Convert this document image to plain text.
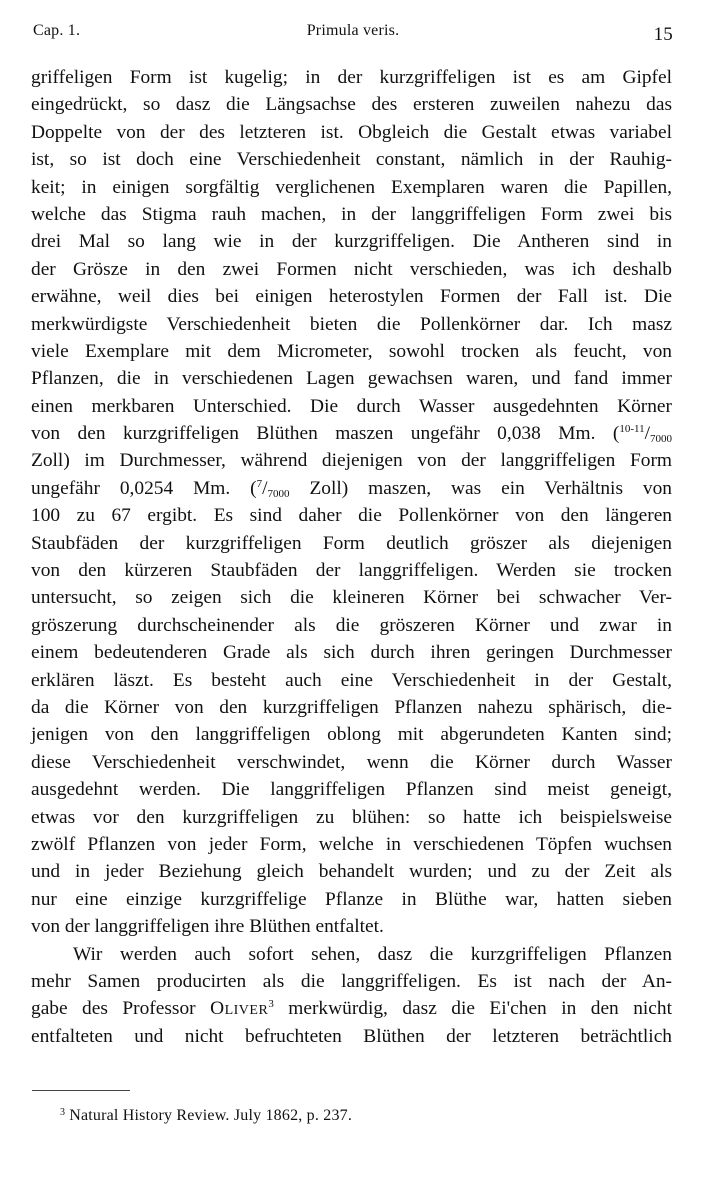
Cap. 1.	Primula veris.	15
griffeligen Form ist kugelig; in der kurzgriffeligen ist es am Gipfel
eingedrückt, so dasz die Längsachse des ersteren zuweilen nahezu das
Doppelte von der des letzteren ist. Obgleich die Gestalt etwas variabel
ist, so ist doch eine Verschiedenheit constant, nämlich in der Rauhig-
keit; in einigen sorgfältig verglichenen Exemplaren waren die Papillen,
welche das Stigma rauh machen, in der langgriffeligen Form zwei bis
drei Mal so lang wie in der kurzgriffeligen. Die Antheren sind in
der Grösze in den zwei Formen nicht verschieden, was ich deshalb
erwähne, weil dies bei einigen heterostylen Formen der Fall ist. Die
merkwürdigste Verschiedenheit bieten die Pollenkörner dar. Ich masz
viele Exemplare mit dem Micrometer, sowohl trocken als feucht, von
Pflanzen, die in verschiedenen Lagen gewachsen waren, und fand immer
einen merkbaren Unterschied. Die durch Wasser ausgedehnten Körner
von den kurzgriffeligen Blüthen maszen ungefähr 0,038 Mm. ($^{10-11}/_{7000}$
Zoll) im Durchmesser, während diejenigen von der langgriffeligen Form
ungefähr 0,0254 Mm. ($^7/_{7000}$ Zoll) maszen, was ein Verhältnis von
100 zu 67 ergibt. Es sind daher die Pollenkörner von den längeren
Staubfäden der kurzgriffeligen Form deutlich gröszer als diejenigen
von den kürzeren Staubfäden der langgriffeligen. Werden sie trocken
untersucht, so zeigen sich die kleineren Körner bei schwacher Ver-
gröszerung durchscheinender als die gröszeren Körner und zwar in
einem bedeutenderen Grade als sich durch ihren geringen Durchmesser
erklären läszt. Es besteht auch eine Verschiedenheit in der Gestalt,
da die Körner von den kurzgriffeligen Pflanzen nahezu sphärisch, die-
jenigen von den langgriffeligen oblong mit abgerundeten Kanten sind;
diese Verschiedenheit verschwindet, wenn die Körner durch Wasser
ausgedehnt werden. Die langgriffeligen Pflanzen sind meist geneigt,
etwas vor den kurzgriffeligen zu blühen: so hatte ich beispielsweise
zwölf Pflanzen von jeder Form, welche in verschiedenen Töpfen wuchsen
und in jeder Beziehung gleich behandelt wurden; und zu der Zeit als
nur eine einzige kurzgriffelige Pflanze in Blüthe war, hatten sieben
von der langgriffeligen ihre Blüthen entfaltet.
Wir werden auch sofort sehen, dasz die kurzgriffeligen Pflanzen
mehr Samen producirten als die langgriffeligen. Es ist nach der An-
gabe des Professor Oliver$^3$ merkwürdig, dasz die Ei'chen in den nicht
entfalteten und nicht befruchteten Blüthen der letzteren beträchtlich
$^3$ Natural History Review. July 1862, p. 237.
